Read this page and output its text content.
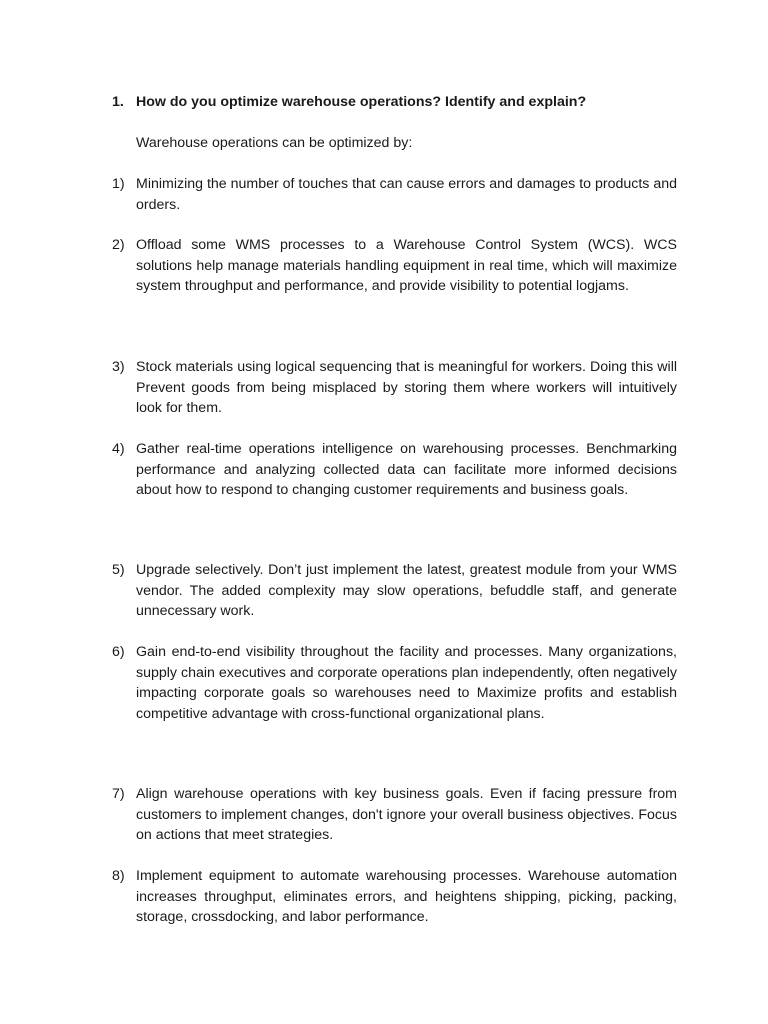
1. How do you optimize warehouse operations? Identify and explain?
Warehouse operations can be optimized by:
1) Minimizing the number of touches that can cause errors and damages to products and orders.
2) Offload some WMS processes to a Warehouse Control System (WCS). WCS solutions help manage materials handling equipment in real time, which will maximize system throughput and performance, and provide visibility to potential logjams.
3) Stock materials using logical sequencing that is meaningful for workers. Doing this will Prevent goods from being misplaced by storing them where workers will intuitively look for them.
4) Gather real-time operations intelligence on warehousing processes. Benchmarking performance and analyzing collected data can facilitate more informed decisions about how to respond to changing customer requirements and business goals.
5) Upgrade selectively. Don’t just implement the latest, greatest module from your WMS vendor. The added complexity may slow operations, befuddle staff, and generate unnecessary work.
6) Gain end-to-end visibility throughout the facility and processes. Many organizations, supply chain executives and corporate operations plan independently, often negatively impacting corporate goals so warehouses need to Maximize profits and establish competitive advantage with cross-functional organizational plans.
7) Align warehouse operations with key business goals. Even if facing pressure from customers to implement changes, don't ignore your overall business objectives. Focus on actions that meet strategies.
8) Implement equipment to automate warehousing processes. Warehouse automation increases throughput, eliminates errors, and heightens shipping, picking, packing, storage, crossdocking, and labor performance.
